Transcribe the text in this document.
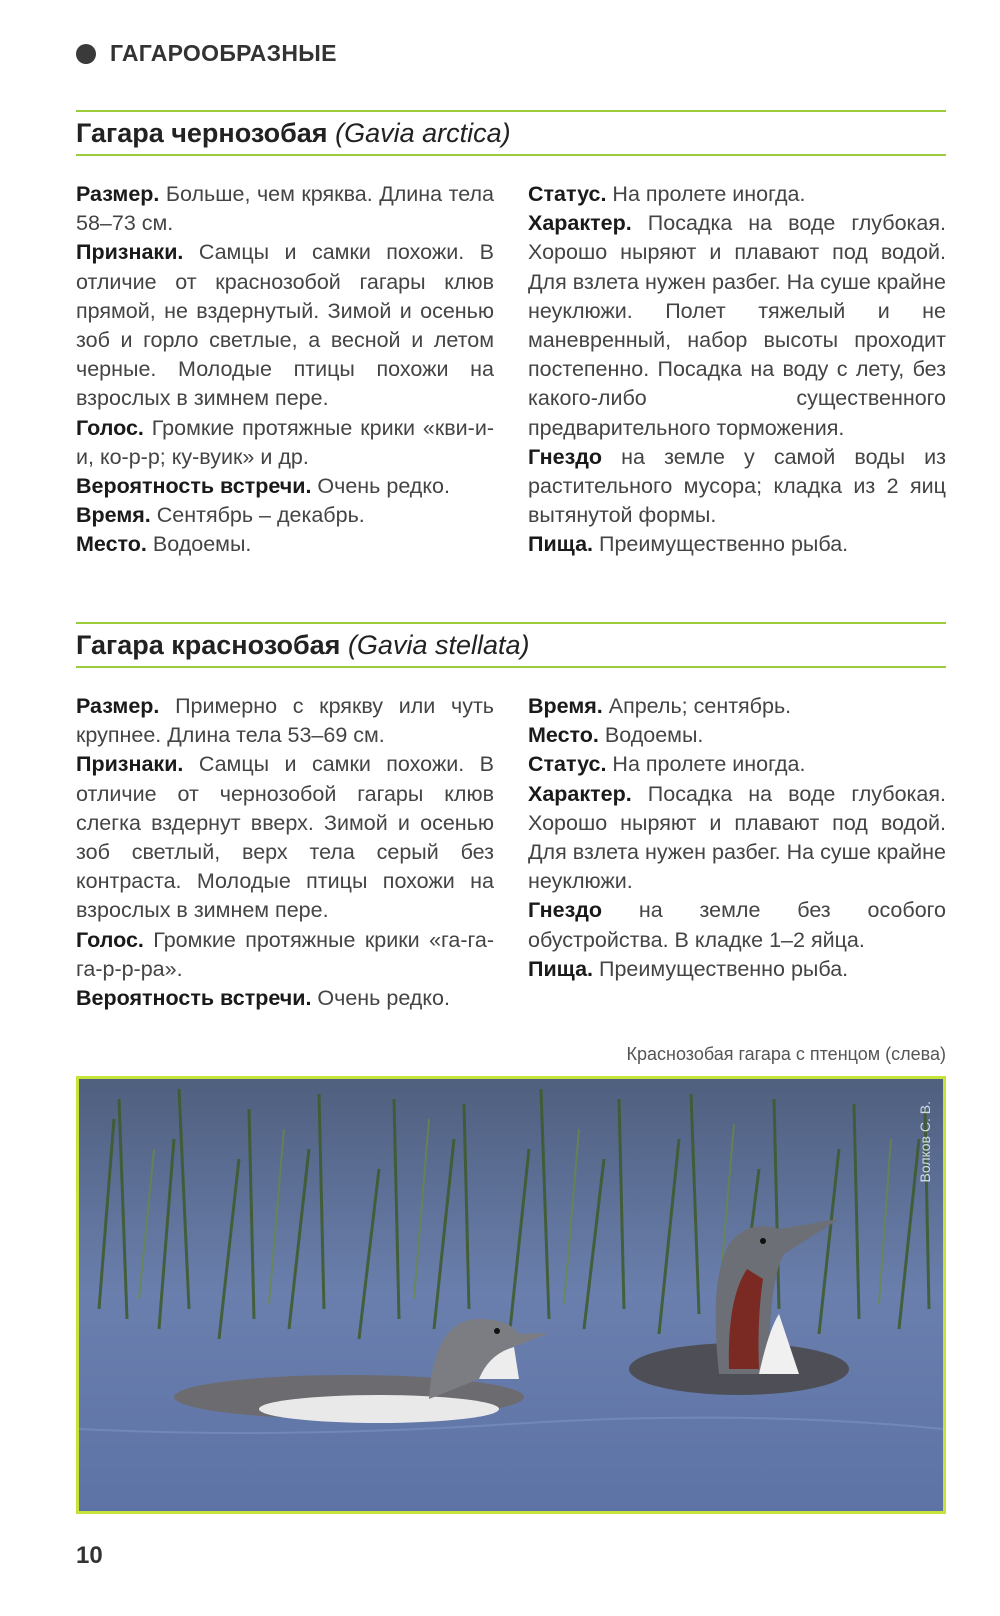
ГАГАРООБРАЗНЫЕ
Гагара чернозобая (Gavia arctica)

Размер. Больше, чем кряква. Длина тела 58–73 см.

Признаки. Самцы и самки похожи. В отличие от краснозобой гагары клюв прямой, не вздернутый. Зимой и осенью зоб и горло светлые, а весной и летом черные. Молодые птицы похожи на взрослых в зимнем пере.

Голос. Громкие протяжные крики «кви-и-и, ко-р-р; ку-вуик» и др.

Вероятность встречи. Очень редко.

Время. Сентябрь – декабрь.

Место. Водоемы.

Статус. На пролете иногда.

Характер. Посадка на воде глубокая. Хорошо ныряют и плавают под водой. Для взлета нужен разбег. На суше крайне неуклюжи. Полет тяжелый и не маневренный, набор высоты проходит постепенно. Посадка на воду с лету, без какого-либо существенного предварительного торможения.

Гнездо на земле у самой воды из растительного мусора; кладка из 2 яиц вытянутой формы.

Пища. Преимущественно рыба.

Гагара краснозобая (Gavia stellata)

Размер. Примерно с крякву или чуть крупнее. Длина тела 53–69 см.

Признаки. Самцы и самки похожи. В отличие от чернозобой гагары клюв слегка вздернут вверх. Зимой и осенью зоб светлый, верх тела серый без контраста. Молодые птицы похожи на взрослых в зимнем пере.

Голос. Громкие протяжные крики «га-га-га-р-р-ра».

Вероятность встречи. Очень редко.

Время. Апрель; сентябрь.

Место. Водоемы.

Статус. На пролете иногда.

Характер. Посадка на воде глубокая. Хорошо ныряют и плавают под водой. Для взлета нужен разбег. На суше крайне неуклюжи.

Гнездо на земле без особого обустройства. В кладке 1–2 яйца.

Пища. Преимущественно рыба.

Краснозобая гагара с птенцом (слева)
Волков С. В.
10
